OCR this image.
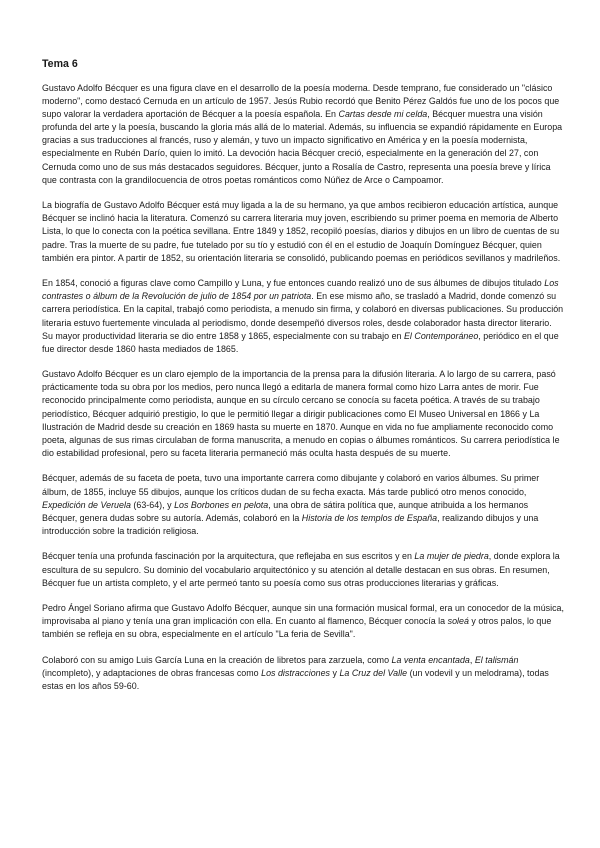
Tema 6

Gustavo Adolfo Bécquer es una figura clave en el desarrollo de la poesía moderna. Desde temprano, fue considerado un "clásico moderno", como destacó Cernuda en un artículo de 1957. Jesús Rubio recordó que Benito Pérez Galdós fue uno de los pocos que supo valorar la verdadera aportación de Bécquer a la poesía española. En Cartas desde mi celda, Bécquer muestra una visión profunda del arte y la poesía, buscando la gloria más allá de lo material. Además, su influencia se expandió rápidamente en Europa gracias a sus traducciones al francés, ruso y alemán, y tuvo un impacto significativo en América y en la poesía modernista, especialmente en Rubén Darío, quien lo imitó. La devoción hacia Bécquer creció, especialmente en la generación del 27, con Cernuda como uno de sus más destacados seguidores. Bécquer, junto a Rosalía de Castro, representa una poesía breve y lírica que contrasta con la grandilocuencia de otros poetas románticos como Núñez de Arce o Campoamor.

La biografía de Gustavo Adolfo Bécquer está muy ligada a la de su hermano, ya que ambos recibieron educación artística, aunque Bécquer se inclinó hacia la literatura. Comenzó su carrera literaria muy joven, escribiendo su primer poema en memoria de Alberto Lista, lo que lo conecta con la poética sevillana. Entre 1849 y 1852, recopiló poesías, diarios y dibujos en un libro de cuentas de su padre. Tras la muerte de su padre, fue tutelado por su tío y estudió con él en el estudio de Joaquín Domínguez Bécquer, quien también era pintor. A partir de 1852, su orientación literaria se consolidó, publicando poemas en periódicos sevillanos y madrileños.

En 1854, conoció a figuras clave como Campillo y Luna, y fue entonces cuando realizó uno de sus álbumes de dibujos titulado Los contrastes o álbum de la Revolución de julio de 1854 por un patriota. En ese mismo año, se trasladó a Madrid, donde comenzó su carrera periodística. En la capital, trabajó como periodista, a menudo sin firma, y colaboró en diversas publicaciones. Su producción literaria estuvo fuertemente vinculada al periodismo, donde desempeñó diversos roles, desde colaborador hasta director literario. Su mayor productividad literaria se dio entre 1858 y 1865, especialmente con su trabajo en El Contemporáneo, periódico en el que fue director desde 1860 hasta mediados de 1865.

Gustavo Adolfo Bécquer es un claro ejemplo de la importancia de la prensa para la difusión literaria. A lo largo de su carrera, pasó prácticamente toda su obra por los medios, pero nunca llegó a editarla de manera formal como hizo Larra antes de morir. Fue reconocido principalmente como periodista, aunque en su círculo cercano se conocía su faceta poética. A través de su trabajo periodístico, Bécquer adquirió prestigio, lo que le permitió llegar a dirigir publicaciones como El Museo Universal en 1866 y La Ilustración de Madrid desde su creación en 1869 hasta su muerte en 1870. Aunque en vida no fue ampliamente reconocido como poeta, algunas de sus rimas circulaban de forma manuscrita, a menudo en copias o álbumes románticos. Su carrera periodística le dio estabilidad profesional, pero su faceta literaria permaneció más oculta hasta después de su muerte.

Bécquer, además de su faceta de poeta, tuvo una importante carrera como dibujante y colaboró en varios álbumes. Su primer álbum, de 1855, incluye 55 dibujos, aunque los críticos dudan de su fecha exacta. Más tarde publicó otro menos conocido, Expedición de Veruela (63-64), y Los Borbones en pelota, una obra de sátira política que, aunque atribuida a los hermanos Bécquer, genera dudas sobre su autoría. Además, colaboró en la Historia de los templos de España, realizando dibujos y una introducción sobre la tradición religiosa.

Bécquer tenía una profunda fascinación por la arquitectura, que reflejaba en sus escritos y en La mujer de piedra, donde explora la escultura de su sepulcro. Su dominio del vocabulario arquitectónico y su atención al detalle destacan en sus obras. En resumen, Bécquer fue un artista completo, y el arte permeó tanto su poesía como sus otras producciones literarias y gráficas.

Pedro Ángel Soriano afirma que Gustavo Adolfo Bécquer, aunque sin una formación musical formal, era un conocedor de la música, improvisaba al piano y tenía una gran implicación con ella. En cuanto al flamenco, Bécquer conocía la soleá y otros palos, lo que también se refleja en su obra, especialmente en el artículo "La feria de Sevilla".

Colaboró con su amigo Luis García Luna en la creación de libretos para zarzuela, como La venta encantada, El talismán (incompleto), y adaptaciones de obras francesas como Los distracciones y La Cruz del Valle (un vodevil y un melodrama), todas estas en los años 59-60.
